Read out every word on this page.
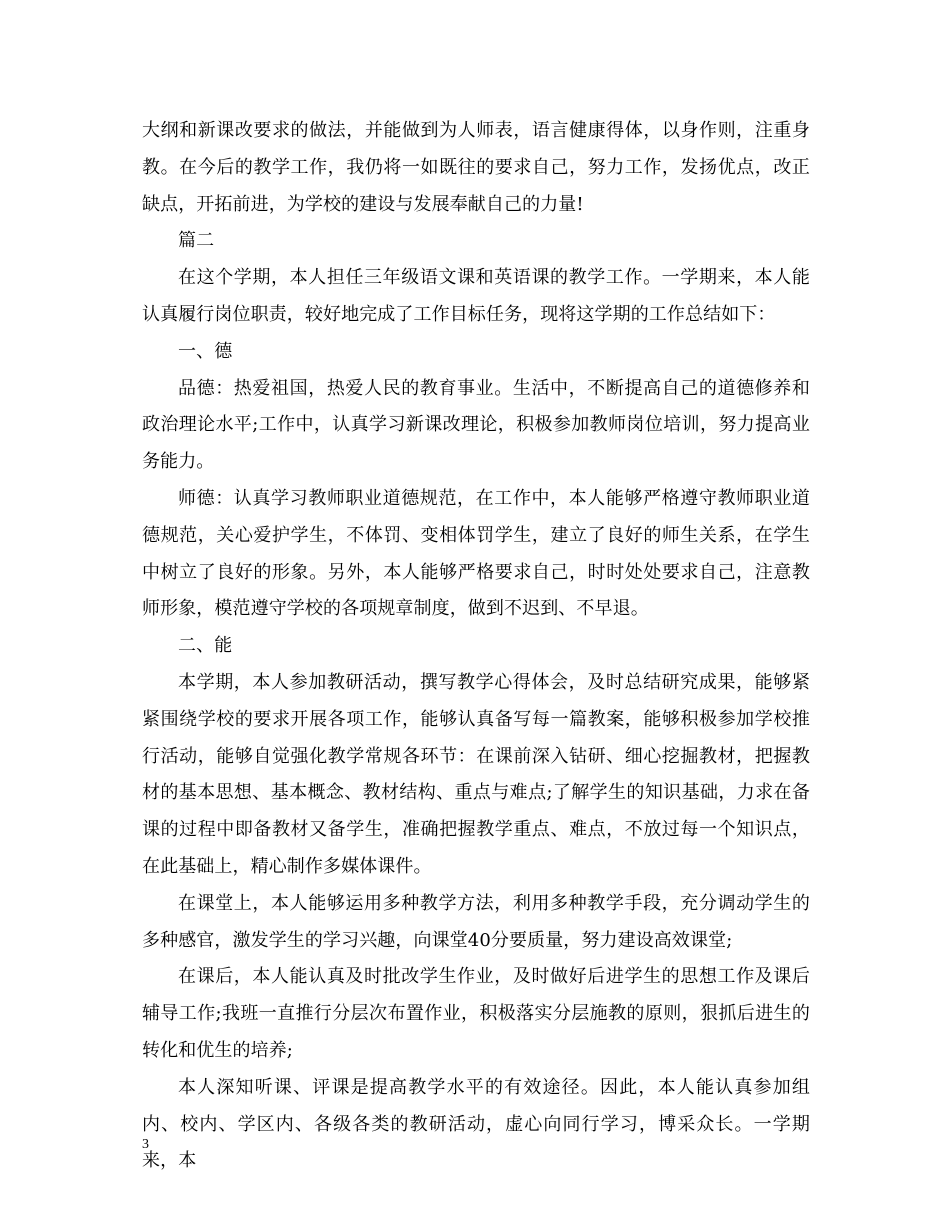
大纲和新课改要求的做法，并能做到为人师表，语言健康得体，以身作则，注重身教。在今后的教学工作，我仍将一如既往的要求自己，努力工作，发扬优点，改正缺点，开拓前进，为学校的建设与发展奉献自己的力量!

篇二

在这个学期，本人担任三年级语文课和英语课的教学工作。一学期来，本人能认真履行岗位职责，较好地完成了工作目标任务，现将这学期的工作总结如下：

一、德

品德：热爱祖国，热爱人民的教育事业。生活中，不断提高自己的道德修养和政治理论水平;工作中，认真学习新课改理论，积极参加教师岗位培训，努力提高业务能力。

师德：认真学习教师职业道德规范，在工作中，本人能够严格遵守教师职业道德规范，关心爱护学生，不体罚、变相体罚学生，建立了良好的师生关系，在学生中树立了良好的形象。另外，本人能够严格要求自己，时时处处要求自己，注意教师形象，模范遵守学校的各项规章制度，做到不迟到、不早退。

二、能

本学期，本人参加教研活动，撰写教学心得体会，及时总结研究成果，能够紧紧围绕学校的要求开展各项工作，能够认真备写每一篇教案，能够积极参加学校推行活动，能够自觉强化教学常规各环节：在课前深入钻研、细心挖掘教材，把握教材的基本思想、基本概念、教材结构、重点与难点;了解学生的知识基础，力求在备课的过程中即备教材又备学生，准确把握教学重点、难点，不放过每一个知识点，在此基础上，精心制作多媒体课件。

在课堂上，本人能够运用多种教学方法，利用多种教学手段，充分调动学生的多种感官，激发学生的学习兴趣，向课堂40分要质量，努力建设高效课堂;

在课后，本人能认真及时批改学生作业，及时做好后进学生的思想工作及课后辅导工作;我班一直推行分层次布置作业，积极落实分层施教的原则，狠抓后进生的转化和优生的培养;

本人深知听课、评课是提高教学水平的有效途径。因此，本人能认真参加组内、校内、学区内、各级各类的教研活动，虚心向同行学习，博采众长。一学期来，本

3
